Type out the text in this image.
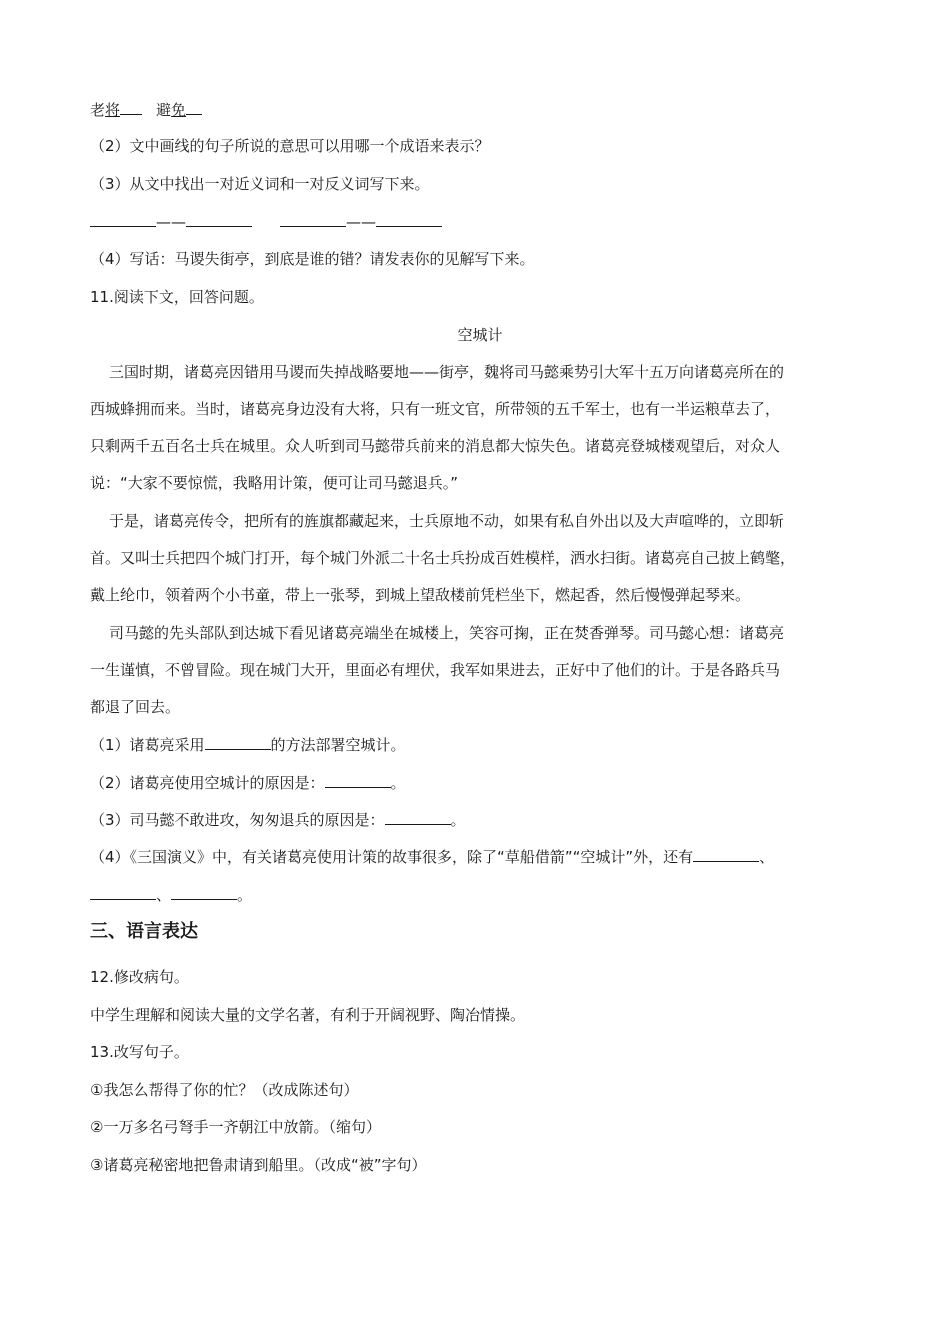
老将 避免
（2）文中画线的句子所说的意思可以用哪一个成语来表示？
（3）从文中找出一对近义词和一对反义词写下来。
——	——
（4）写话：马谡失街亭，到底是谁的错？请发表你的见解写下来。
11.阅读下文，回答问题。
空城计
三国时期，诸葛亮因错用马谡而失掉战略要地——街亭，魏将司马懿乘势引大军十五万向诸葛亮所在的
西城蜂拥而来。当时，诸葛亮身边没有大将，只有一班文官，所带领的五千军士，也有一半运粮草去了，
只剩两千五百名士兵在城里。众人听到司马懿带兵前来的消息都大惊失色。诸葛亮登城楼观望后，对众人
说：“大家不要惊慌，我略用计策，便可让司马懿退兵。”
于是，诸葛亮传令，把所有的旌旗都藏起来，士兵原地不动，如果有私自外出以及大声喧哗的，立即斩
首。又叫士兵把四个城门打开，每个城门外派二十名士兵扮成百姓模样，洒水扫街。诸葛亮自己披上鹤氅，
戴上纶巾，领着两个小书童，带上一张琴，到城上望敌楼前凭栏坐下，燃起香，然后慢慢弹起琴来。
司马懿的先头部队到达城下看见诸葛亮端坐在城楼上，笑容可掬，正在焚香弹琴。司马懿心想：诸葛亮
一生谨慎，不曾冒险。现在城门大开，里面必有埋伏，我军如果进去，正好中了他们的计。于是各路兵马
都退了回去。
（1）诸葛亮采用	的方法部署空城计。
（2）诸葛亮使用空城计的原因是：	。
（3）司马懿不敢进攻，匆匆退兵的原因是：	。
（4）《三国演义》中，有关诸葛亮使用计策的故事很多，除了“草船借箭”“空城计”外，还有	、
、	。
三、语言表达
12.修改病句。
中学生理解和阅读大量的文学名著，有利于开阔视野、陶冶情操。
13.改写句子。
①我怎么帮得了你的忙？（改成陈述句）
②一万多名弓弩手一齐朝江中放箭。（缩句）
③诸葛亮秘密地把鲁肃请到船里。（改成“被”字句）
